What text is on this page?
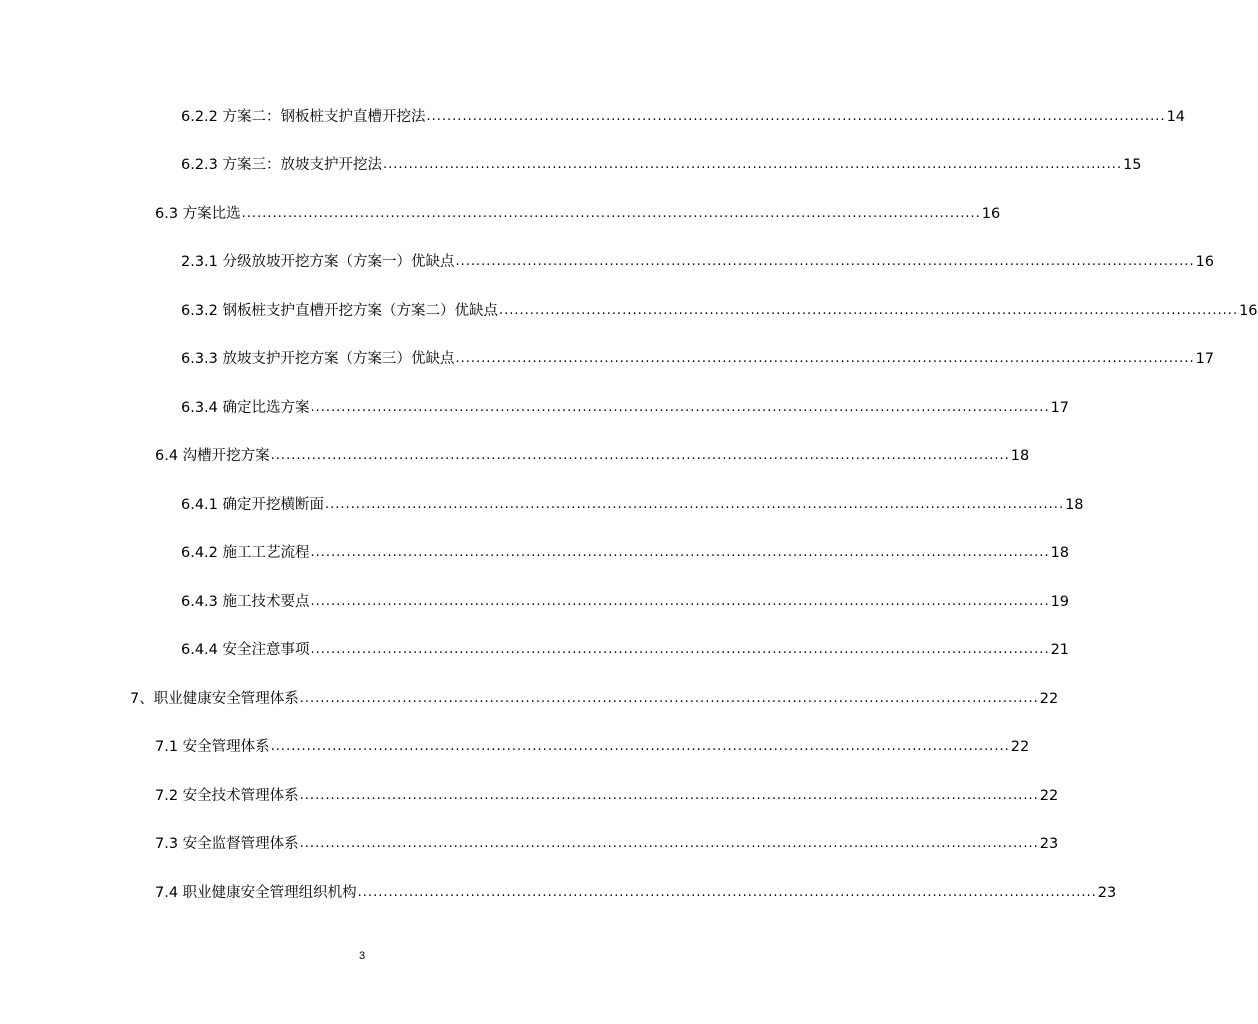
6.2.2 方案二：钢板桩支护直槽开挖法 ................................................................................................................................................ 14
6.2.3 方案三：放坡支护开挖法 ................................................................................................................................................ 15
6.3 方案比选 ................................................................................................................................................ 16
2.3.1 分级放坡开挖方案（方案一）优缺点 ................................................................................................................................................ 16
6.3.2 钢板桩支护直槽开挖方案（方案二）优缺点 ................................................................................................................................................ 16
6.3.3 放坡支护开挖方案（方案三）优缺点 ................................................................................................................................................ 17
6.3.4 确定比选方案 ................................................................................................................................................ 17
6.4 沟槽开挖方案 ................................................................................................................................................ 18
6.4.1 确定开挖横断面 ................................................................................................................................................ 18
6.4.2 施工工艺流程 ................................................................................................................................................ 18
6.4.3 施工技术要点 ................................................................................................................................................ 19
6.4.4 安全注意事项 ................................................................................................................................................ 21
7、职业健康安全管理体系 ................................................................................................................................................ 22
7.1 安全管理体系 ................................................................................................................................................ 22
7.2 安全技术管理体系 ................................................................................................................................................ 22
7.3 安全监督管理体系 ................................................................................................................................................ 23
7.4 职业健康安全管理组织机构 ................................................................................................................................................ 23
3
